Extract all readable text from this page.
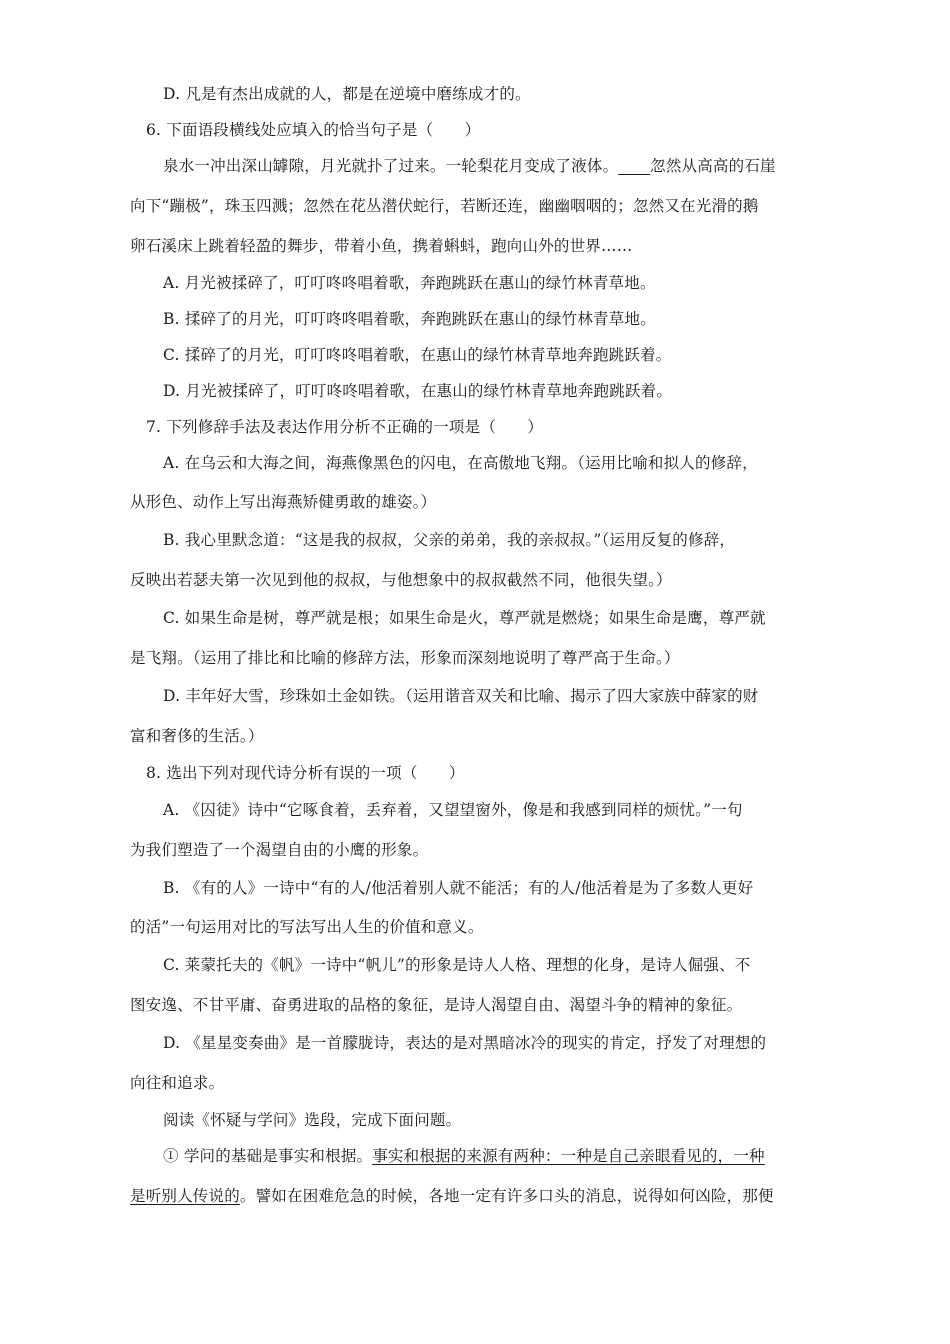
D. 凡是有杰出成就的人，都是在逆境中磨练成才的。
6. 下面语段横线处应填入的恰当句子是（　　）
泉水一冲出深山罅隙，月光就扑了过来。一轮梨花月变成了液体。____忽然从高高的石崖
向下“蹦极”，珠玉四溅；忽然在花丛潜伏蛇行，若断还连，幽幽咽咽的；忽然又在光滑的鹅
卵石溪床上跳着轻盈的舞步，带着小鱼，携着蝌蚪，跑向山外的世界……
A. 月光被揉碎了，叮叮咚咚唱着歌，奔跑跳跃在惠山的绿竹林青草地。
B. 揉碎了的月光，叮叮咚咚唱着歌，奔跑跳跃在惠山的绿竹林青草地。
C. 揉碎了的月光，叮叮咚咚唱着歌，在惠山的绿竹林青草地奔跑跳跃着。
D. 月光被揉碎了，叮叮咚咚唱着歌，在惠山的绿竹林青草地奔跑跳跃着。
7. 下列修辞手法及表达作用分析不正确的一项是（　　）
A. 在乌云和大海之间，海燕像黑色的闪电，在高傲地飞翔。（运用比喻和拟人的修辞，
从形色、动作上写出海燕矫健勇敢的雄姿。）
B. 我心里默念道：“这是我的叔叔，父亲的弟弟，我的亲叔叔。”（运用反复的修辞，
反映出若瑟夫第一次见到他的叔叔，与他想象中的叔叔截然不同，他很失望。）
C. 如果生命是树，尊严就是根；如果生命是火，尊严就是燃烧；如果生命是鹰，尊严就
是飞翔。（运用了排比和比喻的修辞方法，形象而深刻地说明了尊严高于生命。）
D. 丰年好大雪，珍珠如土金如铁。（运用谐音双关和比喻、揭示了四大家族中薛家的财
富和奢侈的生活。）
8. 选出下列对现代诗分析有误的一项（　　）
A. 《囚徒》诗中“它啄食着，丢弃着，又望望窗外，像是和我感到同样的烦忧。”一句
为我们塑造了一个渴望自由的小鹰的形象。
B. 《有的人》一诗中“有的人/他活着别人就不能活；有的人/他活着是为了多数人更好
的活”一句运用对比的写法写出人生的价值和意义。
C. 莱蒙托夫的《帆》一诗中“帆儿”的形象是诗人人格、理想的化身，是诗人倔强、不
图安逸、不甘平庸、奋勇进取的品格的象征，是诗人渴望自由、渴望斗争的精神的象征。
D. 《星星变奏曲》是一首朦胧诗，表达的是对黑暗冰冷的现实的肯定，抒发了对理想的
向往和追求。
阅读《怀疑与学问》选段，完成下面问题。
① 学问的基础是事实和根据。事实和根据的来源有两种：一种是自己亲眼看见的，一种
是听别人传说的。譬如在困难危急的时候，各地一定有许多口头的消息，说得如何凶险，那便
